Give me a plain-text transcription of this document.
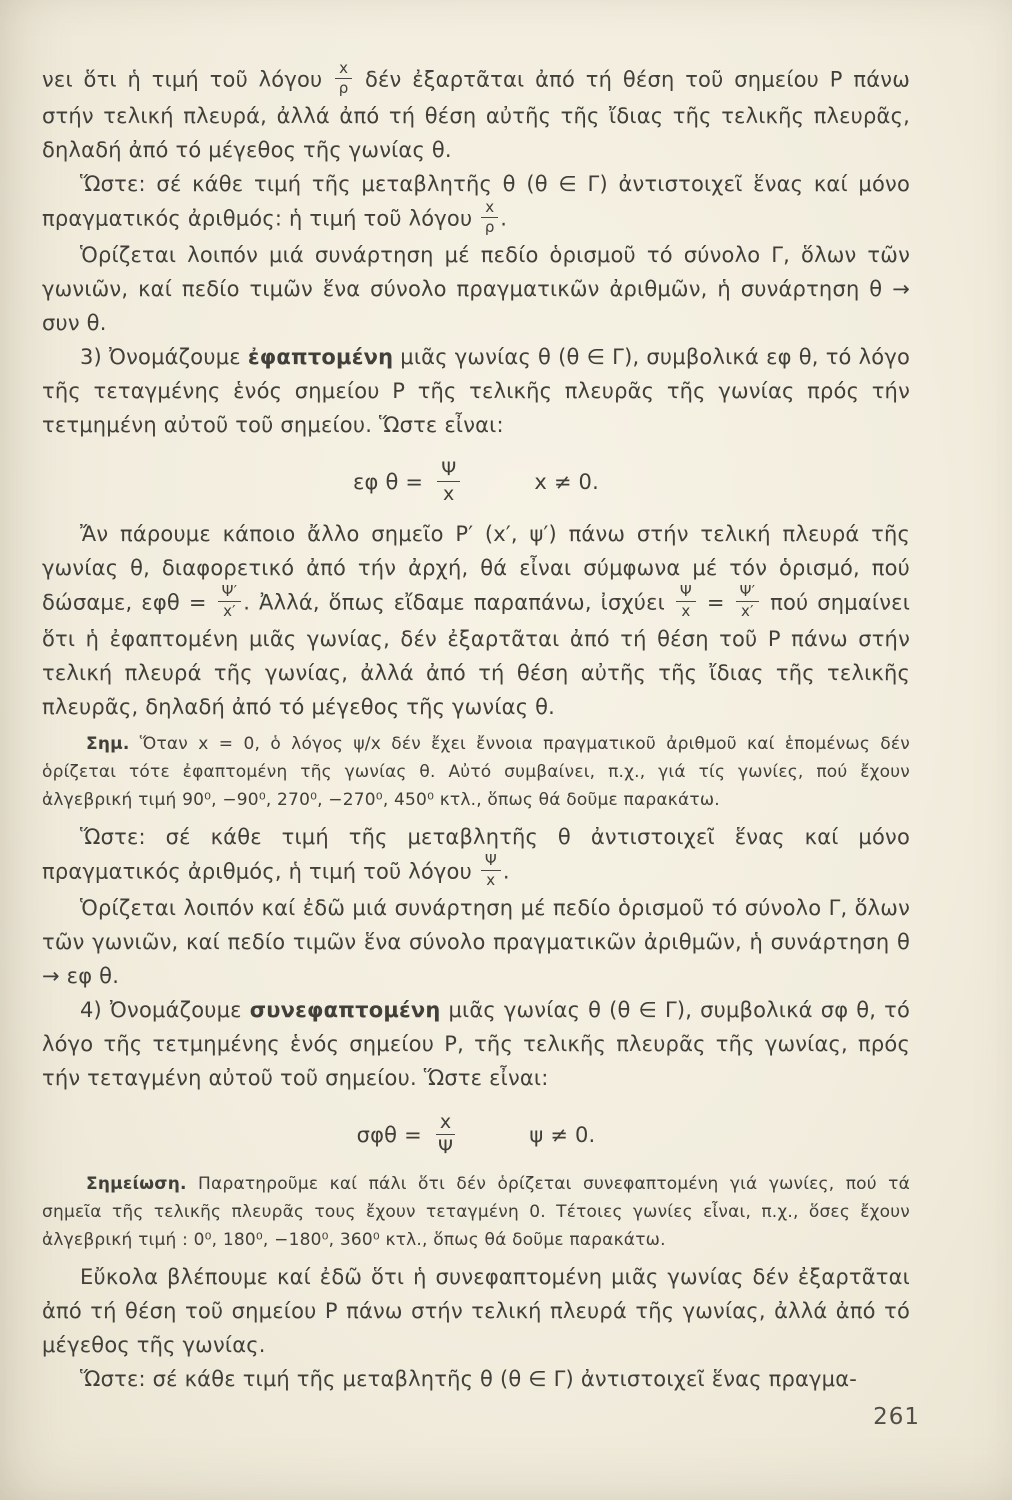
νει ὅτι ἡ τιμή τοῦ λόγου $\frac{x}{\rho}$ δέν ἐξαρτᾶται ἀπό τή θέση τοῦ σημείου P πάνω στήν τελική πλευρά, ἀλλά ἀπό τή θέση αὐτῆς τῆς ἴδιας τῆς τελικῆς πλευρᾶς, δηλαδή ἀπό τό μέγεθος τῆς γωνίας θ.

Ὥστε: σέ κάθε τιμή τῆς μεταβλητῆς θ (θ ∈ Γ) ἀντιστοιχεῖ ἕνας καί μόνο πραγματικός ἀριθμός: ἡ τιμή τοῦ λόγου $\frac{x}{\rho}$ .

Ὁρίζεται λοιπόν μιά συνάρτηση μέ πεδίο ὁρισμοῦ τό σύνολο Γ, ὅλων τῶν γωνιῶν, καί πεδίο τιμῶν ἕνα σύνολο πραγματικῶν ἀριθμῶν, ἡ συνάρτηση θ → συν θ.

3) Ὀνομάζουμε ἐφαπτομένη μιᾶς γωνίας θ (θ ∈ Γ), συμβολικά εφ θ, τό λόγο τῆς τεταγμένης ἑνός σημείου P τῆς τελικῆς πλευρᾶς τῆς γωνίας πρός τήν τετμημένη αὐτοῦ τοῦ σημείου. Ὥστε εἶναι:

εφ $\theta = \frac{\Psi}{x}$	x ≠ 0.

Ἄν πάρουμε κάποιο ἄλλο σημεῖο P′ (x′, ψ′) πάνω στήν τελική πλευρά τῆς γωνίας θ, διαφορετικό ἀπό τήν ἀρχή, θά εἶναι σύμφωνα μέ τόν ὁρισμό, πού δώσαμε, $\varepsilon\varphi\theta = \frac{\Psi'}{x'}$ . Ἀλλά, ὅπως εἴδαμε παραπάνω, ἰσχύει $\frac{\Psi}{x} = \frac{\Psi'}{x'}$ πού σημαίνει ὅτι ἡ ἐφαπτομένη μιᾶς γωνίας, δέν ἐξαρτᾶται ἀπό τή θέση τοῦ P πάνω στήν τελική πλευρά τῆς γωνίας, ἀλλά ἀπό τή θέση αὐτῆς τῆς ἴδιας τῆς τελικῆς πλευρᾶς, δηλαδή ἀπό τό μέγεθος τῆς γωνίας θ.

Σημ. Ὅταν x = 0, ὁ λόγος ψ/x δέν ἔχει ἔννοια πραγματικοῦ ἀριθμοῦ καί ἑπομένως δέν ὁρίζεται τότε ἐφαπτομένη τῆς γωνίας θ. Αὐτό συμβαίνει, π.χ., γιά τίς γωνίες, πού ἔχουν ἀλγεβρική τιμή 90⁰, −90⁰, 270⁰, −270⁰, 450⁰ κτλ., ὅπως θά δοῦμε παρακάτω.

Ὥστε: σέ κάθε τιμή τῆς μεταβλητῆς θ ἀντιστοιχεῖ ἕνας καί μόνο πραγματικός ἀριθμός, ἡ τιμή τοῦ λόγου $\frac{\Psi}{x}$ .

Ὁρίζεται λοιπόν καί ἐδῶ μιά συνάρτηση μέ πεδίο ὁρισμοῦ τό σύνολο Γ, ὅλων τῶν γωνιῶν, καί πεδίο τιμῶν ἕνα σύνολο πραγματικῶν ἀριθμῶν, ἡ συνάρτηση θ → εφ θ.

4) Ὀνομάζουμε συνεφαπτομένη μιᾶς γωνίας θ (θ ∈ Γ), συμβολικά σφ θ, τό λόγο τῆς τετμημένης ἑνός σημείου P, τῆς τελικῆς πλευρᾶς τῆς γωνίας, πρός τήν τεταγμένη αὐτοῦ τοῦ σημείου. Ὥστε εἶναι:

$\sigma\varphi\theta = \frac{x}{\Psi}$	ψ ≠ 0.

Σημείωση. Παρατηροῦμε καί πάλι ὅτι δέν ὁρίζεται συνεφαπτομένη γιά γωνίες, πού τά σημεῖα τῆς τελικῆς πλευρᾶς τους ἔχουν τεταγμένη 0. Τέτοιες γωνίες εἶναι, π.χ., ὅσες ἔχουν ἀλγεβρική τιμή : 0⁰, 180⁰, −180⁰, 360⁰ κτλ., ὅπως θά δοῦμε παρακάτω.

Εὔκολα βλέπουμε καί ἐδῶ ὅτι ἡ συνεφαπτομένη μιᾶς γωνίας δέν ἐξαρτᾶται ἀπό τή θέση τοῦ σημείου P πάνω στήν τελική πλευρά τῆς γωνίας, ἀλλά ἀπό τό μέγεθος τῆς γωνίας.

Ὥστε: σέ κάθε τιμή τῆς μεταβλητῆς θ (θ ∈ Γ) ἀντιστοιχεῖ ἕνας πραγμα-

261
